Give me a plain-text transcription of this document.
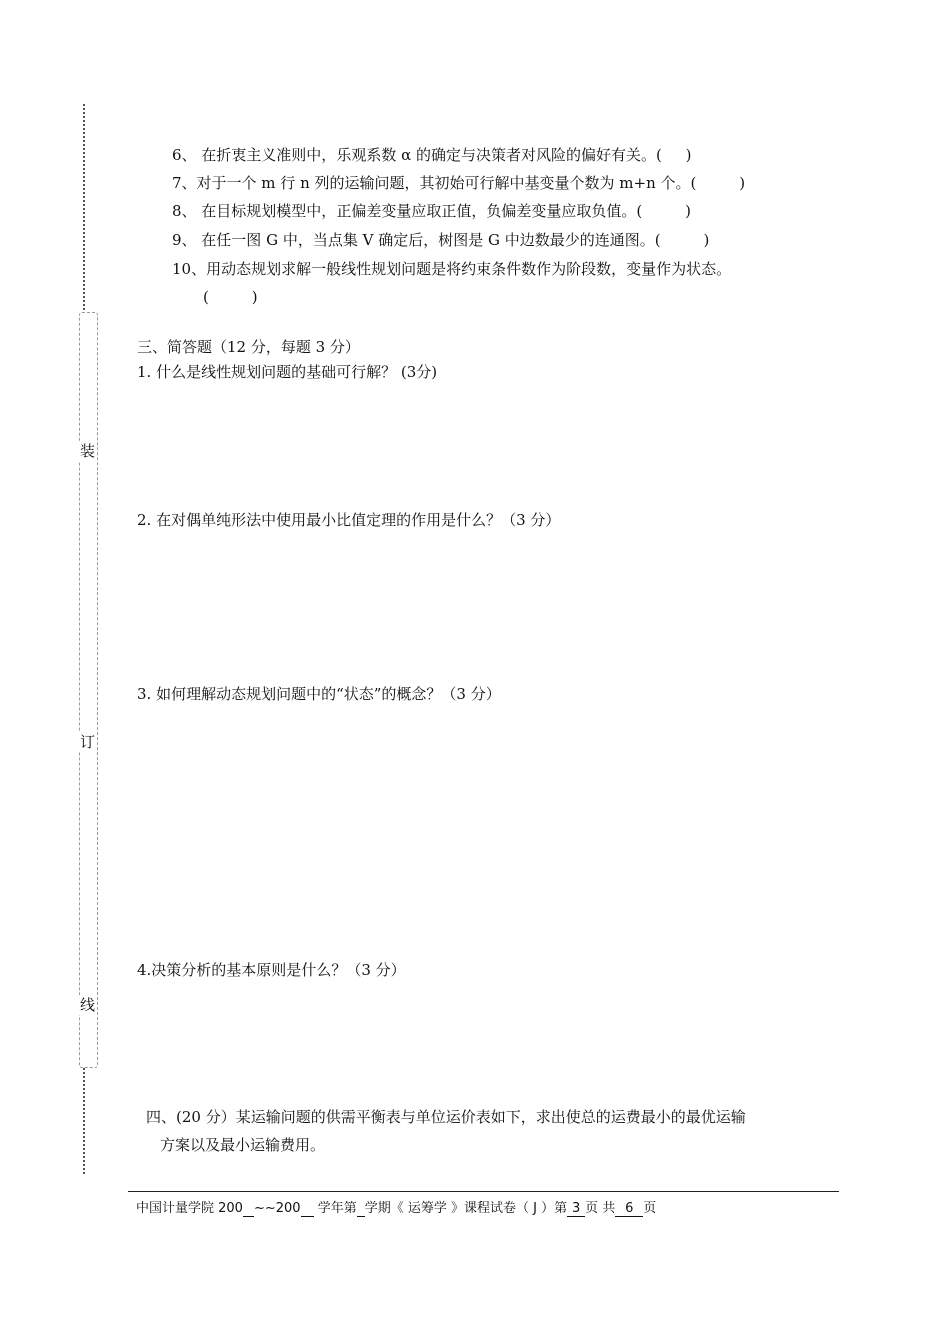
装
订
线
6、 在折衷主义准则中，乐观系数 α 的确定与决策者对风险的偏好有关。(     )
7、对于一个 m 行 n 列的运输问题，其初始可行解中基变量个数为 m+n 个。(         )
8、 在目标规划模型中，正偏差变量应取正值，负偏差变量应取负值。(         )
9、 在任一图 G 中，当点集 V 确定后，树图是 G 中边数最少的连通图。(         )
10、用动态规划求解一般线性规划问题是将约束条件数作为阶段数，变量作为状态。
(         )
三、简答题（12 分，每题 3 分）
1. 什么是线性规划问题的基础可行解？ (3分)
2. 在对偶单纯形法中使用最小比值定理的作用是什么？（3 分）
3. 如何理解动态规划问题中的“状态”的概念？（3 分）
4.决策分析的基本原则是什么？（3 分）
四、(20 分）某运输问题的供需平衡表与单位运价表如下，求出使总的运费最小的最优运输
方案以及最小运输费用。
中国计量学院 200 ~~200  学年第 学期《 运筹学 》课程试卷（ J ）第 3 页 共 6 页
